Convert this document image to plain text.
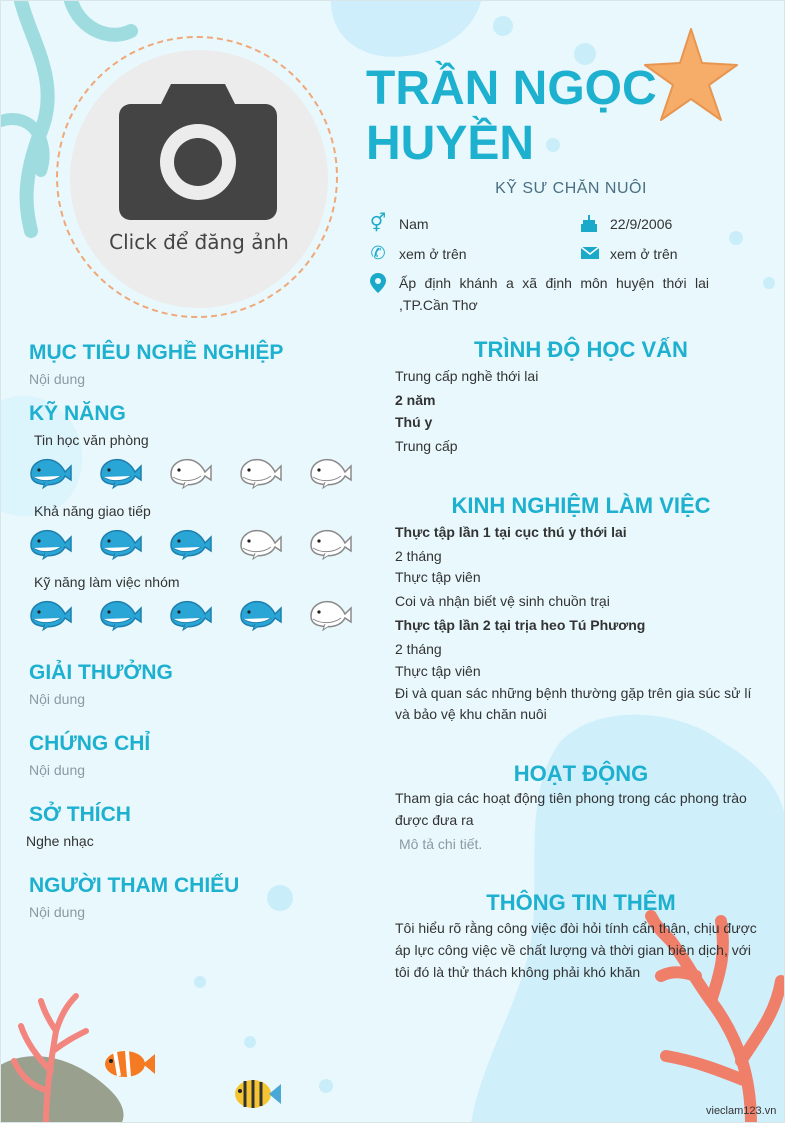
Click để đăng ảnh
TRẦN NGỌC
HUYỀN
KỸ SƯ CHĂN NUÔI
⚥ Nam	22/9/2006
✆ xem ở trên	xem ở trên
Ấp định khánh a xã định môn huyện thới lai
,TP.Cần Thơ
MỤC TIÊU NGHỀ NGHIỆP
Nội dung
KỸ NĂNG
Tin học văn phòng
Khả năng giao tiếp
Kỹ năng làm việc nhóm
GIẢI THƯỞNG
Nội dung
CHỨNG CHỈ
Nội dung
SỞ THÍCH
Nghe nhạc
NGƯỜI THAM CHIẾU
Nội dung
TRÌNH ĐỘ HỌC VẤN
Trung cấp nghề thới lai
2 năm
Thú y
Trung cấp
KINH NGHIỆM LÀM VIỆC
Thực tập lần 1 tại cục thú y thới lai
2 tháng
Thực tập viên
Coi và nhận biết vệ sinh chuồn trại
Thực tập lần 2 tại trịa heo Tú Phương
2 tháng
Thực tập viên
Đi và quan sác những bệnh thường gặp trên gia súc sử lí
và bảo vệ khu chăn nuôi
HOẠT ĐỘNG
Tham gia các hoạt động tiên phong trong các phong trào
được đưa ra
Mô tả chi tiết.
THÔNG TIN THÊM
Tôi hiểu rõ rằng công việc đòi hỏi tính cẩn thận, chịu được
áp lực công việc về chất lượng và thời gian biên dịch, với
tôi đó là thử thách không phải khó khăn
vieclam123.vn
